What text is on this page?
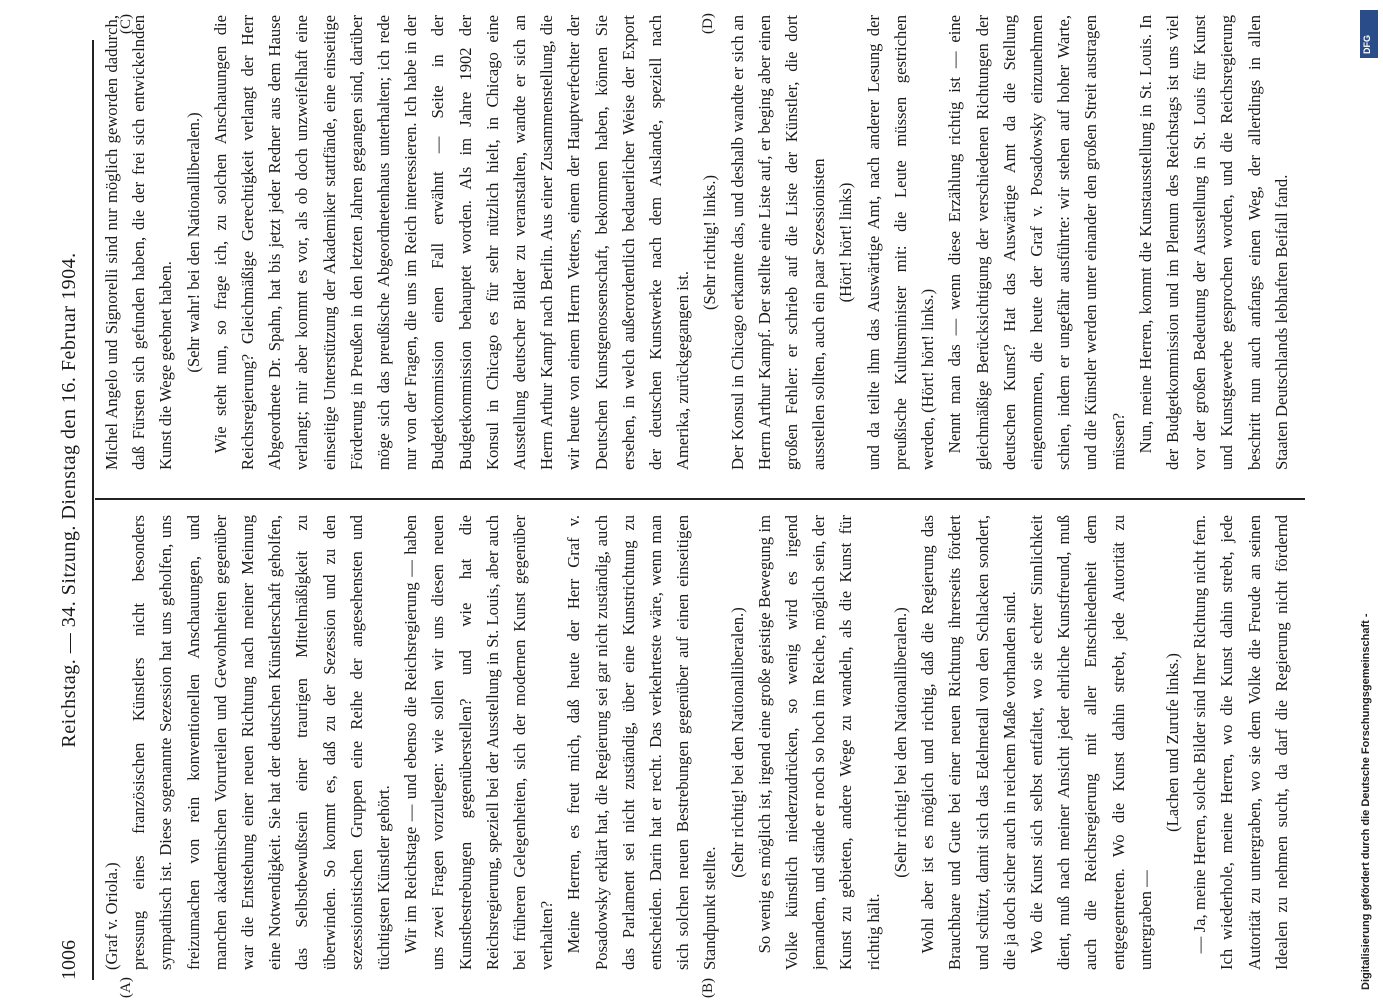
1006
Reichstag. — 34. Sitzung. Dienstag den 16. Februar 1904.

(Graf v. Oriola.) pressung eines französischen Künstlers nicht besonders sympathisch ist. Diese sogenannte Sezession hat uns geholfen, uns freizumachen von rein konventionellen Anschauungen, und manchen akademischen Vorurteilen und Gewohnheiten gegenüber war die Entstehung einer neuen Richtung nach meiner Meinung eine Notwendigkeit. Sie hat der deutschen Künstlerschaft geholfen, das Selbstbewußtsein einer traurigen Mittelmäßigkeit zu überwinden. So kommt es, daß zu der Sezession und zu den sezessionistischen Gruppen eine Reihe der angesehensten und tüchtigsten Künstler gehört. Wir im Reichstage — und ebenso die Reichsregierung — haben uns zwei Fragen vorzulegen: wie sollen wir uns diesen neuen Kunstbestrebungen gegenüberstellen? und wie hat die Reichsregierung, speziell bei der Ausstellung in St. Louis, aber auch bei früheren Gelegenheiten, sich der modernen Kunst gegenüber verhalten? Meine Herren, es freut mich, daß heute der Herr Graf v. Posadowsky erklärt hat, die Regierung sei gar nicht zuständig, auch das Parlament sei nicht zuständig, über eine Kunstrichtung zu entscheiden. Darin hat er recht. Das verkehrteste wäre, wenn man sich solchen neuen Bestrebungen gegenüber auf einen einseitigen Standpunkt stellte.

(Sehr richtig! bei den Nationalliberalen.) So wenig es möglich ist, irgend eine große geistige Bewegung im Volke künstlich niederzudrücken, so wenig wird es irgend jemandem, und stände er noch so hoch im Reiche, möglich sein, der Kunst zu gebieten, andere Wege zu wandeln, als die Kunst für richtig hält.

(Sehr richtig! bei den Nationalliberalen.) Wohl aber ist es möglich und richtig, daß die Regierung das Brauchbare und Gute bei einer neuen Richtung ihrerseits fördert und schützt, damit sich das Edelmetall von den Schlacken sondert, die ja doch sicher auch in reichem Maße vorhanden sind. Wo die Kunst sich selbst entfaltet, wo sie echter Sinnlichkeit dient, muß nach meiner Ansicht jeder ehrliche Kunstfreund, muß auch die Reichsregierung mit aller Entschiedenheit dem entgegentreten. Wo die Kunst dahin strebt, jede Autorität zu untergraben —

(Lachen und Zurufe links.)

— Ja, meine Herren, solche Bilder sind Ihrer Richtung nicht fern. Ich wiederhole, meine Herren, wo die Kunst dahin strebt, jede Autorität zu untergraben, wo sie dem Volke die Freude an seinen Idealen zu nehmen sucht, da darf die Regierung nicht fördernd

Michel Angelo und Signorelli sind nur möglich geworden dadurch, daß Fürsten sich gefunden haben, die der frei sich entwickelnden Kunst die Wege geebnet haben. (Sehr wahr! bei den Nationalliberalen.) Wie steht nun, so frage ich, zu solchen Anschauungen die Reichsregierung? Gleichmäßige Gerechtigkeit verlangt der Herr Abgeordnete Dr. Spahn, hat bis jetzt jeder Redner aus dem Hause verlangt; mir aber kommt es vor, als ob doch unzweifelhaft eine einseitige Unterstützung der Akademiker stattfände, eine einseitige Förderung in Preußen in den letzten Jahren gegangen sind, darüber möge sich das preußische Abgeordnetenhaus unterhalten; ich rede nur von der Fragen, die uns im Reich interessieren. Ich habe in der Budgetkommission einen Fall erwähnt — Seite in der Budgetkommission behauptet worden. Als im Jahre 1902 der Konsul in Chicago es für sehr nützlich hielt, in Chicago eine Ausstellung deutscher Bilder zu veranstalten, wandte er sich an Herrn Arthur Kampf nach Berlin. Aus einer Zusammenstellung, die wir heute von einem Herrn Vetters, einem der Hauptverfechter der Deutschen Kunstgenossenschaft, bekommen haben, können Sie ersehen, in welch außerordentlich bedauerlicher Weise der Export der deutschen Kunstwerke nach dem Auslande, speziell nach Amerika, zurückgegangen ist.

(Sehr richtig! links.) Der Konsul in Chicago erkannte das, und deshalb wandte er sich an Herrn Arthur Kampf. Der stellte eine Liste auf, er beging aber einen großen Fehler: er schrieb auf die Liste der Künstler, die dort ausstellen sollten, auch ein paar Sezessionisten (Hört! hört! links) und da teilte ihm das Auswärtige Amt, nach anderer Lesung der preußische Kultusminister mit: die Leute müssen gestrichen werden, (Hört! hört! links.) Nennt man das — wenn diese Erzählung richtig ist — eine gleichmäßige Berücksichtigung der verschiedenen Richtungen der deutschen Kunst? Hat das Auswärtige Amt da die Stellung eingenommen, die heute der Graf v. Posadowsky einzunehmen schien, indem er ungefähr ausführte: wir stehen auf hoher Warte, und die Künstler werden unter einander den großen Streit austragen müssen? Nun, meine Herren, kommt die Kunstausstellung in St. Louis. In der Budgetkommission und im Plenum des Reichstags ist uns viel vor der großen Bedeutung der Ausstellung in St. Louis für Kunst und Kunstgewerbe gesprochen worden, und die Reichsregierung beschritt nun auch anfangs einen Weg, der allerdings in allen Staaten Deutschlands lebhaften Beifall fand.

(A)	(B)
(C)	(D)
DFG
Digitalisierung gefördert durch die Deutsche Forschungsgemeinschaft -
